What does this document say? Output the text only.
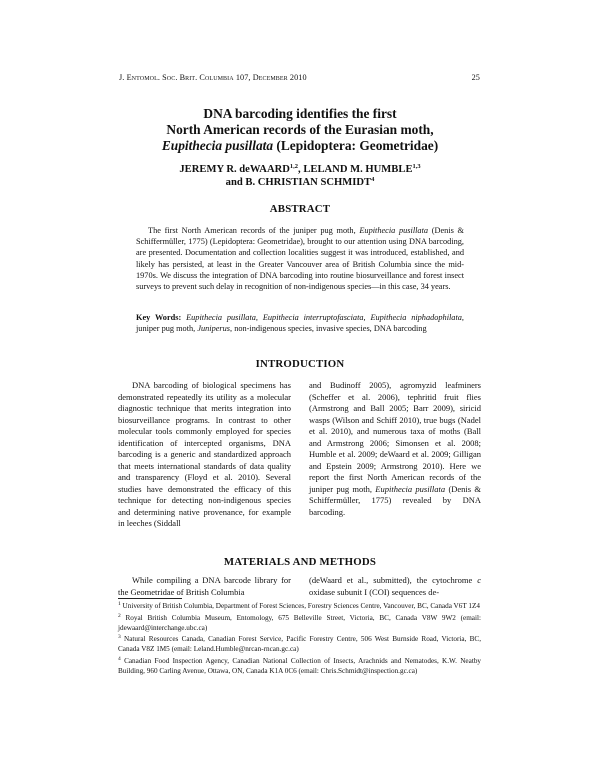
J. Entomol. Soc. Brit. Columbia 107, December 2010	25
DNA barcoding identifies the first
North American records of the Eurasian moth,
Eupithecia pusillata (Lepidoptera: Geometridae)
JEREMY R. deWAARD$^{1,2}$, LELAND M. HUMBLE$^{1,3}$
and B. CHRISTIAN SCHMIDT$^4$
ABSTRACT
The first North American records of the juniper pug moth, Eupithecia pusillata (Denis & Schiffermüller, 1775) (Lepidoptera: Geometridae), brought to our attention using DNA barcoding, are presented. Documentation and collection localities suggest it was introduced, established, and likely has persisted, at least in the Greater Vancouver area of British Columbia since the mid-1970s. We discuss the integration of DNA barcoding into routine biosurveillance and forest insect surveys to prevent such delay in recognition of non-indigenous species—in this case, 34 years.
Key Words: Eupithecia pusillata, Eupithecia interruptofasciata, Eupithecia niphadophilata, juniper pug moth, Juniperus, non-indigenous species, invasive species, DNA barcoding
INTRODUCTION
DNA barcoding of biological specimens has demonstrated repeatedly its utility as a molecular diagnostic technique that merits integration into biosurveillance programs. In contrast to other molecular tools commonly employed for species identification of intercepted organisms, DNA barcoding is a generic and standardized approach that meets international standards of data quality and transparency (Floyd et al. 2010). Several studies have demonstrated the efficacy of this technique for detecting non-indigenous species and determining native provenance, for example in leeches (Siddall
and Budinoff 2005), agromyzid leafminers (Scheffer et al. 2006), tephritid fruit flies (Armstrong and Ball 2005; Barr 2009), siricid wasps (Wilson and Schiff 2010), true bugs (Nadel et al. 2010), and numerous taxa of moths (Ball and Armstrong 2006; Simonsen et al. 2008; Humble et al. 2009; deWaard et al. 2009; Gilligan and Epstein 2009; Armstrong 2010). Here we report the first North American records of the juniper pug moth, Eupithecia pusillata (Denis & Schiffermüller, 1775) revealed by DNA barcoding.
MATERIALS AND METHODS
While compiling a DNA barcode library for the Geometridae of British Columbia
(deWaard et al., submitted), the cytochrome c oxidase subunit I (COI) sequences de-

$^1$ University of British Columbia, Department of Forest Sciences, Forestry Sciences Centre, Vancouver, BC, Canada V6T 1Z4

$^2$ Royal British Columbia Museum, Entomology, 675 Belleville Street, Victoria, BC, Canada V8W 9W2 (email: jdewaard@interchange.ubc.ca)

$^3$ Natural Resources Canada, Canadian Forest Service, Pacific Forestry Centre, 506 West Burnside Road, Victoria, BC, Canada V8Z 1M5 (email: Leland.Humble@nrcan-rncan.gc.ca)

$^4$ Canadian Food Inspection Agency, Canadian National Collection of Insects, Arachnids and Nematodes, K.W. Neatby Building, 960 Carling Avenue, Ottawa, ON, Canada K1A 0C6 (email: Chris.Schmidt@inspection.gc.ca)
